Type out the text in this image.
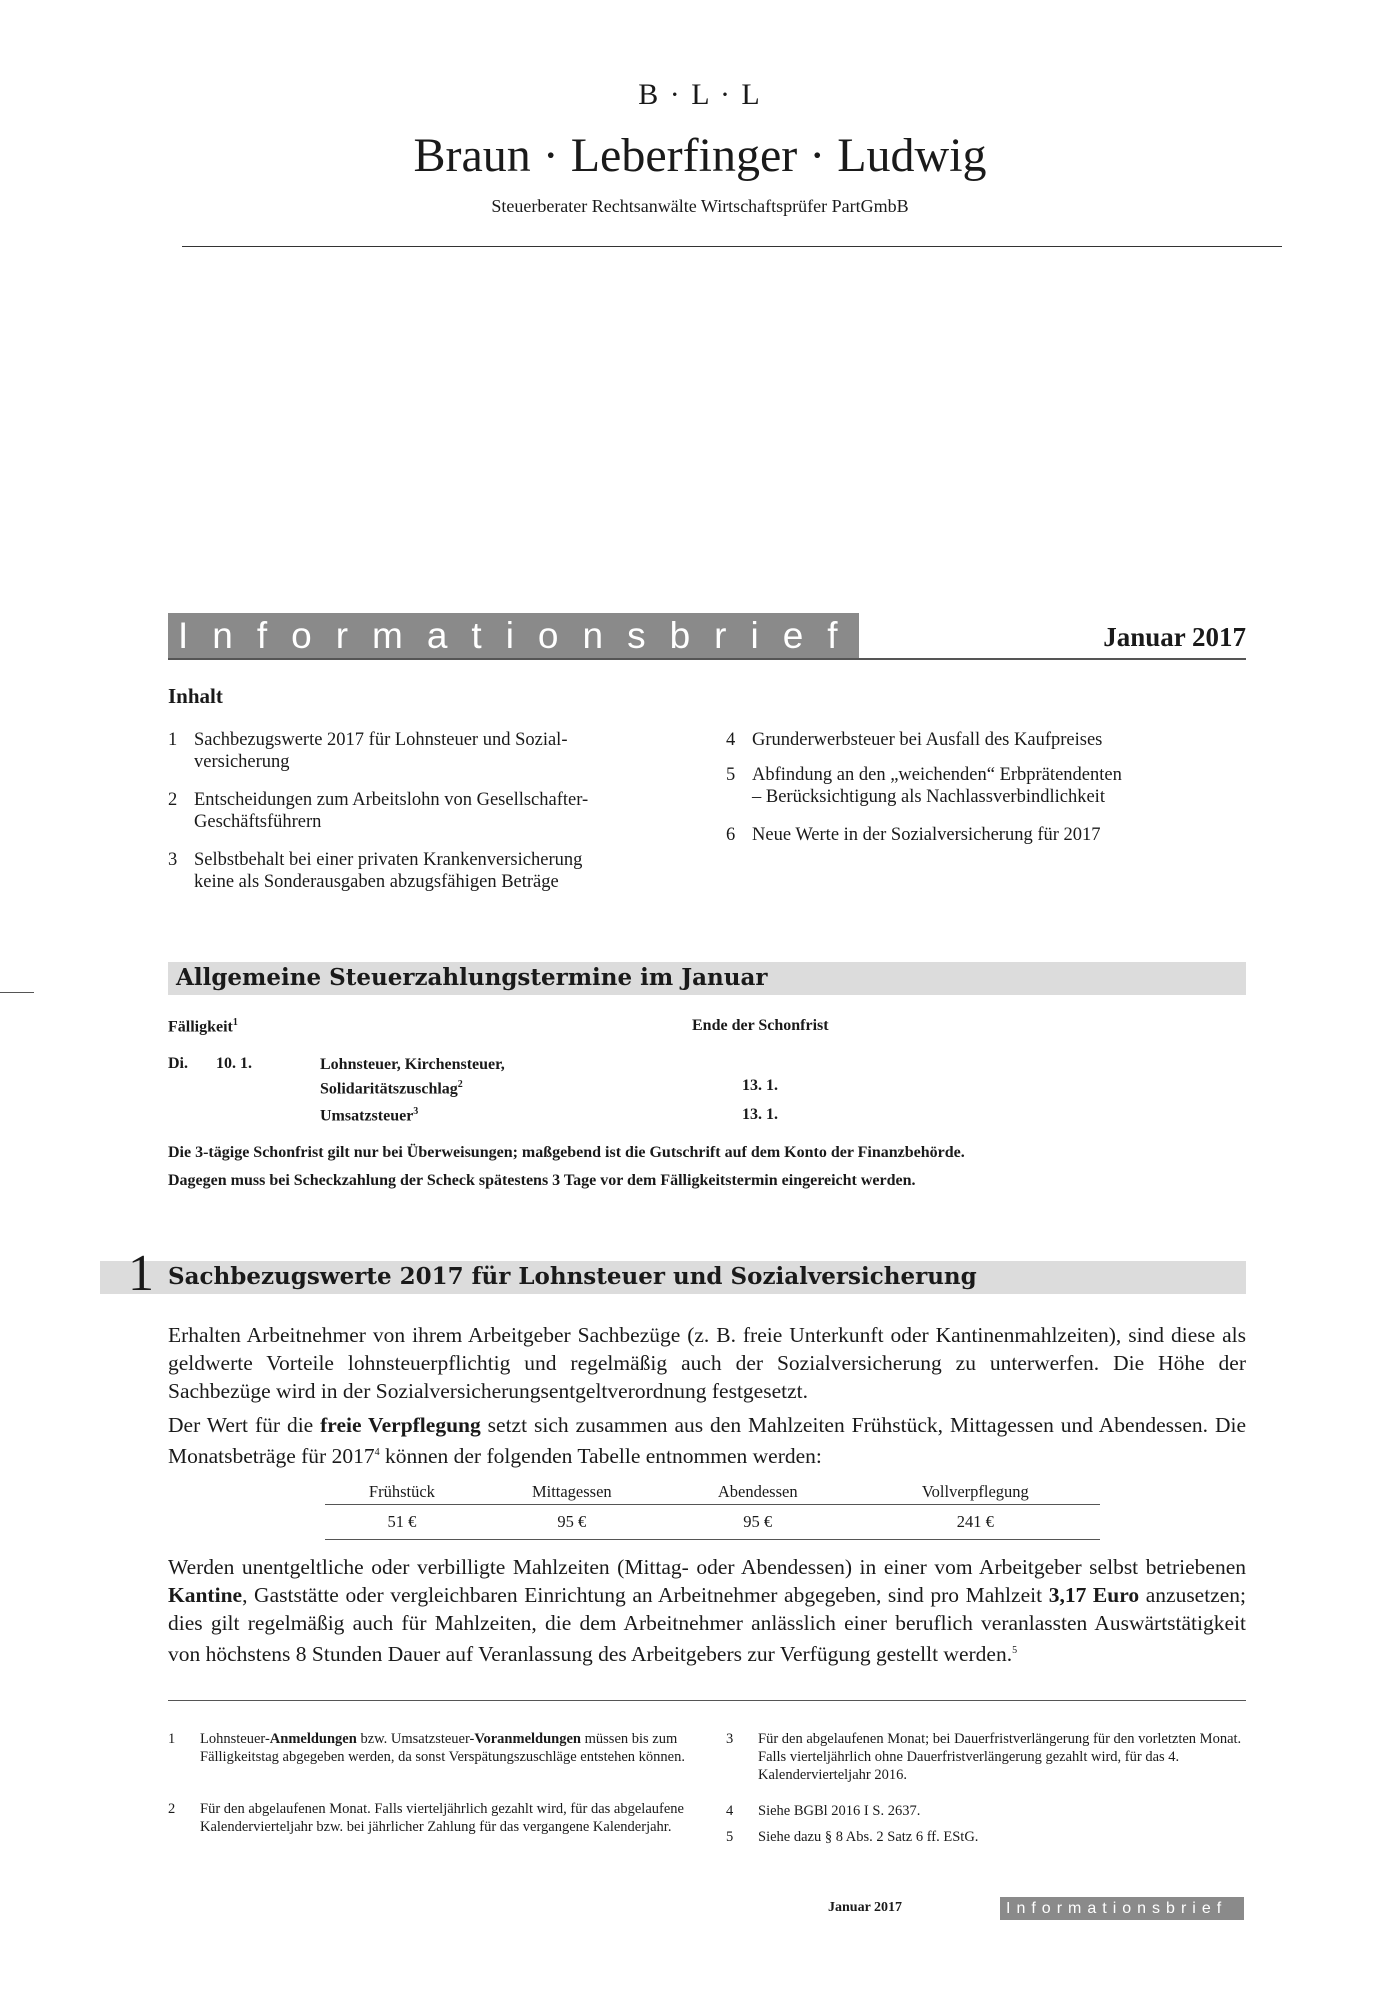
B · L · L
Braun · Leberfinger · Ludwig
Steuerberater Rechtsanwälte Wirtschaftsprüfer PartGmbB
Informationsbrief	Januar 2017
Inhalt
1 Sachbezugswerte 2017 für Lohnsteuer und Sozial-
versicherung
2 Entscheidungen zum Arbeitslohn von Gesellschafter-
Geschäftsführern
3 Selbstbehalt bei einer privaten Krankenversicherung
keine als Sonderausgaben abzugsfähigen Beträge
4 Grunderwerbsteuer bei Ausfall des Kaufpreises
5 Abfindung an den „weichenden“ Erbprätendenten
– Berücksichtigung als Nachlassverbindlichkeit
6 Neue Werte in der Sozialversicherung für 2017
Allgemeine Steuerzahlungstermine im Januar
Fälligkeit$^1$	Ende der Schonfrist
Di. 10. 1.	Lohnsteuer, Kirchensteuer,
Solidaritätszuschlag$^2$	13. 1.
Umsatzsteuer$^3$	13. 1.
Die 3-tägige Schonfrist gilt nur bei Überweisungen; maßgebend ist die Gutschrift auf dem Konto der Finanzbehörde.
Dagegen muss bei Scheckzahlung der Scheck spätestens 3 Tage vor dem Fälligkeitstermin eingereicht werden.
1 Sachbezugswerte 2017 für Lohnsteuer und Sozialversicherung
Erhalten Arbeitnehmer von ihrem Arbeitgeber Sachbezüge (z. B. freie Unterkunft oder Kantinenmahlzeiten), sind diese als geldwerte Vorteile lohnsteuerpflichtig und regelmäßig auch der Sozialversicherung zu unterwerfen. Die Höhe der Sachbezüge wird in der Sozialversicherungsentgeltverordnung festgesetzt.
Der Wert für die freie Verpflegung setzt sich zusammen aus den Mahlzeiten Frühstück, Mittagessen und Abendessen. Die Monatsbeträge für 2017$^4$ können der folgenden Tabelle entnommen werden:
Frühstück	Mittagessen	Abendessen	Vollverpflegung
51 €	95 €	95 €	241 €
Werden unentgeltliche oder verbilligte Mahlzeiten (Mittag- oder Abendessen) in einer vom Arbeitgeber selbst betriebenen Kantine, Gaststätte oder vergleichbaren Einrichtung an Arbeitnehmer abgegeben, sind pro Mahlzeit 3,17 Euro anzusetzen; dies gilt regelmäßig auch für Mahlzeiten, die dem Arbeitnehmer anlässlich einer beruflich veranlassten Auswärtstätigkeit von höchstens 8 Stunden Dauer auf Veranlassung des Arbeitgebers zur Verfügung gestellt werden.$^5$
1 Lohnsteuer-Anmeldungen bzw. Umsatzsteuer-Voranmeldungen müssen bis zum Fälligkeitstag abgegeben werden, da sonst Verspätungszuschläge entstehen können.
2 Für den abgelaufenen Monat. Falls vierteljährlich gezahlt wird, für das abgelaufene Kalendervierteljahr bzw. bei jährlicher Zahlung für das vergangene Kalenderjahr.
3 Für den abgelaufenen Monat; bei Dauerfristverlängerung für den vorletzten Monat. Falls vierteljährlich ohne Dauerfristverlängerung gezahlt wird, für das 4. Kalendervierteljahr 2016.
4 Siehe BGBl 2016 I S. 2637.
5 Siehe dazu § 8 Abs. 2 Satz 6 ff. EStG.
Januar 2017	Informationsbrief
